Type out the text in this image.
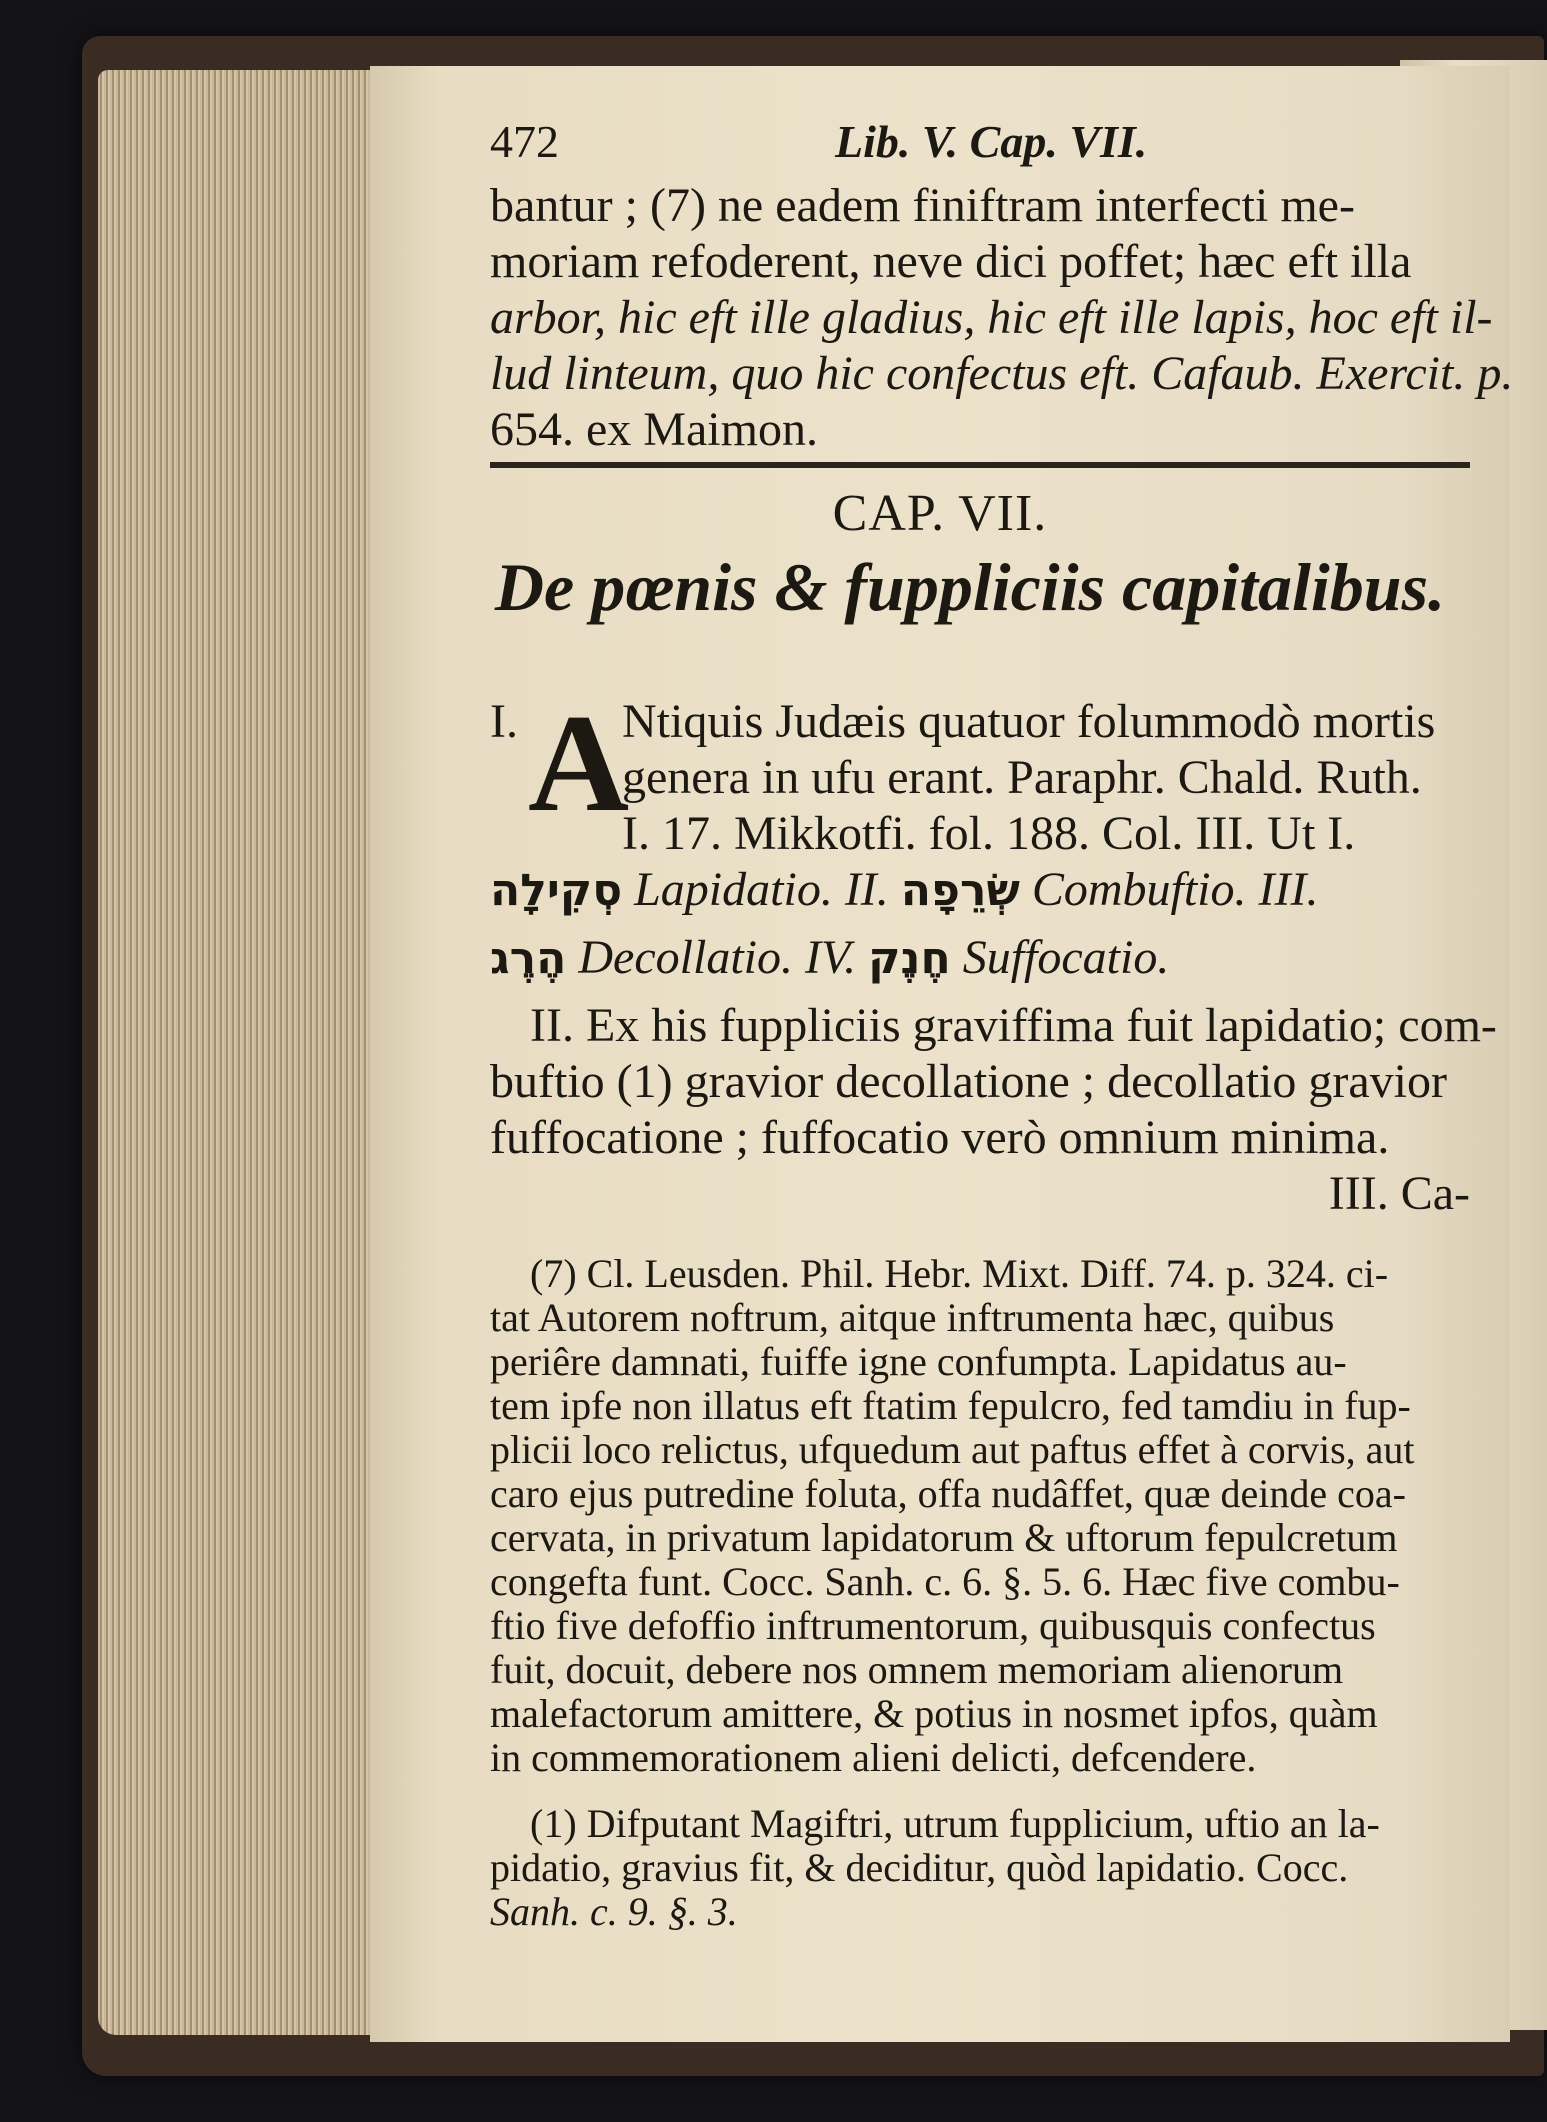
472	Lib. V. Cap. VII.
bantur ; (7) ne eadem finiftram interfecti me-
moriam refoderent, neve dici poffet; hæc eft illa
arbor, hic eft ille gladius, hic eft ille lapis, hoc eft il-
lud linteum, quo hic confectus eft. Cafaub. Exercit. p.
654. ex Maimon.
CAP. VII.
De pœnis & fuppliciis capitalibus.
I. A
Ntiquis Judæis quatuor folummodò mortis
genera in ufu erant. Paraphr. Chald. Ruth.
I. 17. Mikkotfi. fol. 188. Col. III. Ut I.
סְקִילָה Lapidatio. II. שְׂרֵפָה Combuftio. III.
הֶרֶג Decollatio. IV. חֶנֶק Suffocatio.
II. Ex his fuppliciis graviffima fuit lapidatio; com-
buftio (1) gravior decollatione ; decollatio gravior
fuffocatione ; fuffocatio verò omnium minima.
III. Ca-
(7) Cl. Leusden. Phil. Hebr. Mixt. Diff. 74. p. 324. ci-
tat Autorem noftrum, aitque inftrumenta hæc, quibus
periêre damnati, fuiffe igne confumpta. Lapidatus au-
tem ipfe non illatus eft ftatim fepulcro, fed tamdiu in fup-
plicii loco relictus, ufquedum aut paftus effet à corvis, aut
caro ejus putredine foluta, offa nudâffet, quæ deinde coa-
cervata, in privatum lapidatorum & uftorum fepulcretum
congefta funt. Cocc. Sanh. c. 6. §. 5. 6. Hæc five combu-
ftio five defoffio inftrumentorum, quibusquis confectus
fuit, docuit, debere nos omnem memoriam alienorum
malefactorum amittere, & potius in nosmet ipfos, quàm
in commemorationem alieni delicti, defcendere.
(1) Difputant Magiftri, utrum fupplicium, uftio an la-
pidatio, gravius fit, & deciditur, quòd lapidatio. Cocc.
Sanh. c. 9. §. 3.
